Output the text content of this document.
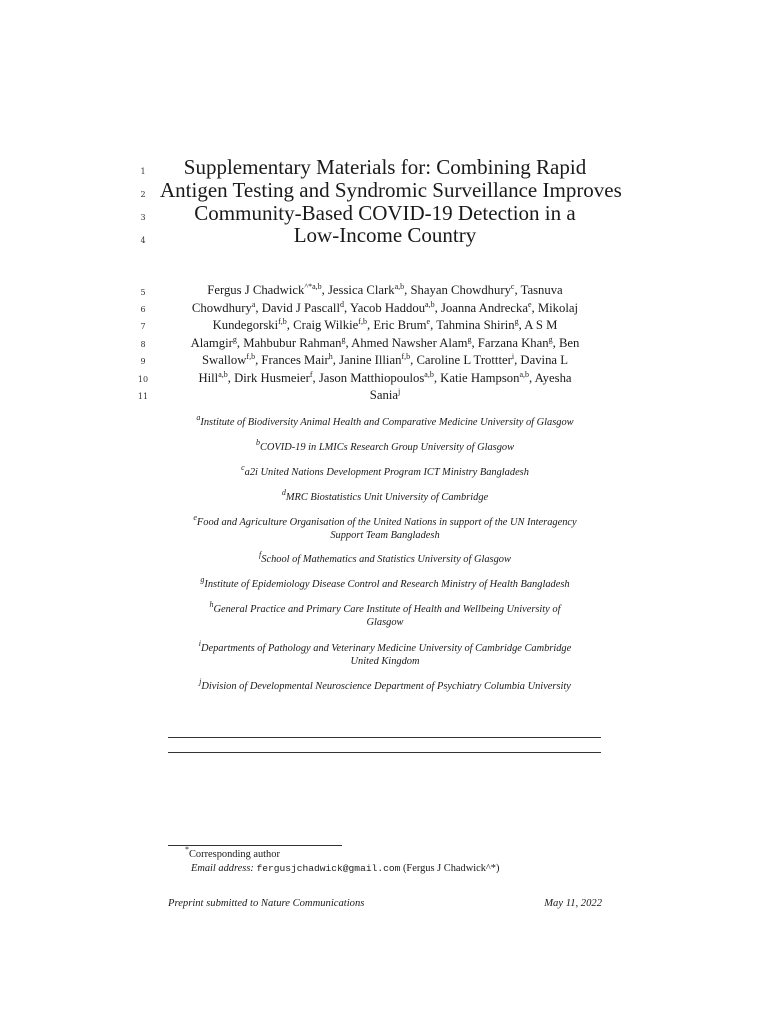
1
2
3
4
5
6
7
8
9
10
11
Supplementary Materials for: Combining Rapid
Antigen Testing and Syndromic Surveillance Improves
Community-Based COVID-19 Detection in a
Low-Income Country
Fergus J Chadwick$^{\^{}*a,b}$, Jessica Clark$^{a,b}$, Shayan Chowdhury$^c$, Tasnuva
Chowdhury$^a$, David J Pascall$^d$, Yacob Haddou$^{a,b}$, Joanna Andrecka$^e$, Mikolaj
Kundegorski$^{f,b}$, Craig Wilkie$^{f,b}$, Eric Brum$^e$, Tahmina Shirin$^g$, A S M
Alamgir$^g$, Mahbubur Rahman$^g$, Ahmed Nawsher Alam$^g$, Farzana Khan$^g$, Ben
Swallow$^{f,b}$, Frances Mair$^h$, Janine Illian$^{f,b}$, Caroline L Trottter$^i$, Davina L
Hill$^{a,b}$, Dirk Husmeier$^f$, Jason Matthiopoulos$^{a,b}$, Katie Hampson$^{a,b}$, Ayesha
Sania$^j$
$^a$Institute of Biodiversity Animal Health and Comparative Medicine University of Glasgow
$^b$COVID-19 in LMICs Research Group University of Glasgow
$^c$a2i United Nations Development Program ICT Ministry Bangladesh
$^d$MRC Biostatistics Unit University of Cambridge
$^e$Food and Agriculture Organisation of the United Nations in support of the UN Interagency
Support Team Bangladesh
$^f$School of Mathematics and Statistics University of Glasgow
$^g$Institute of Epidemiology Disease Control and Research Ministry of Health Bangladesh
$^h$General Practice and Primary Care Institute of Health and Wellbeing University of
Glasgow
$^i$Departments of Pathology and Veterinary Medicine University of Cambridge Cambridge
United Kingdom
$^j$Division of Developmental Neuroscience Department of Psychiatry Columbia University
*Corresponding author
Email address: fergusjchadwick@gmail.com (Fergus J Chadwick^*)
Preprint submitted to Nature Communications	May 11, 2022
